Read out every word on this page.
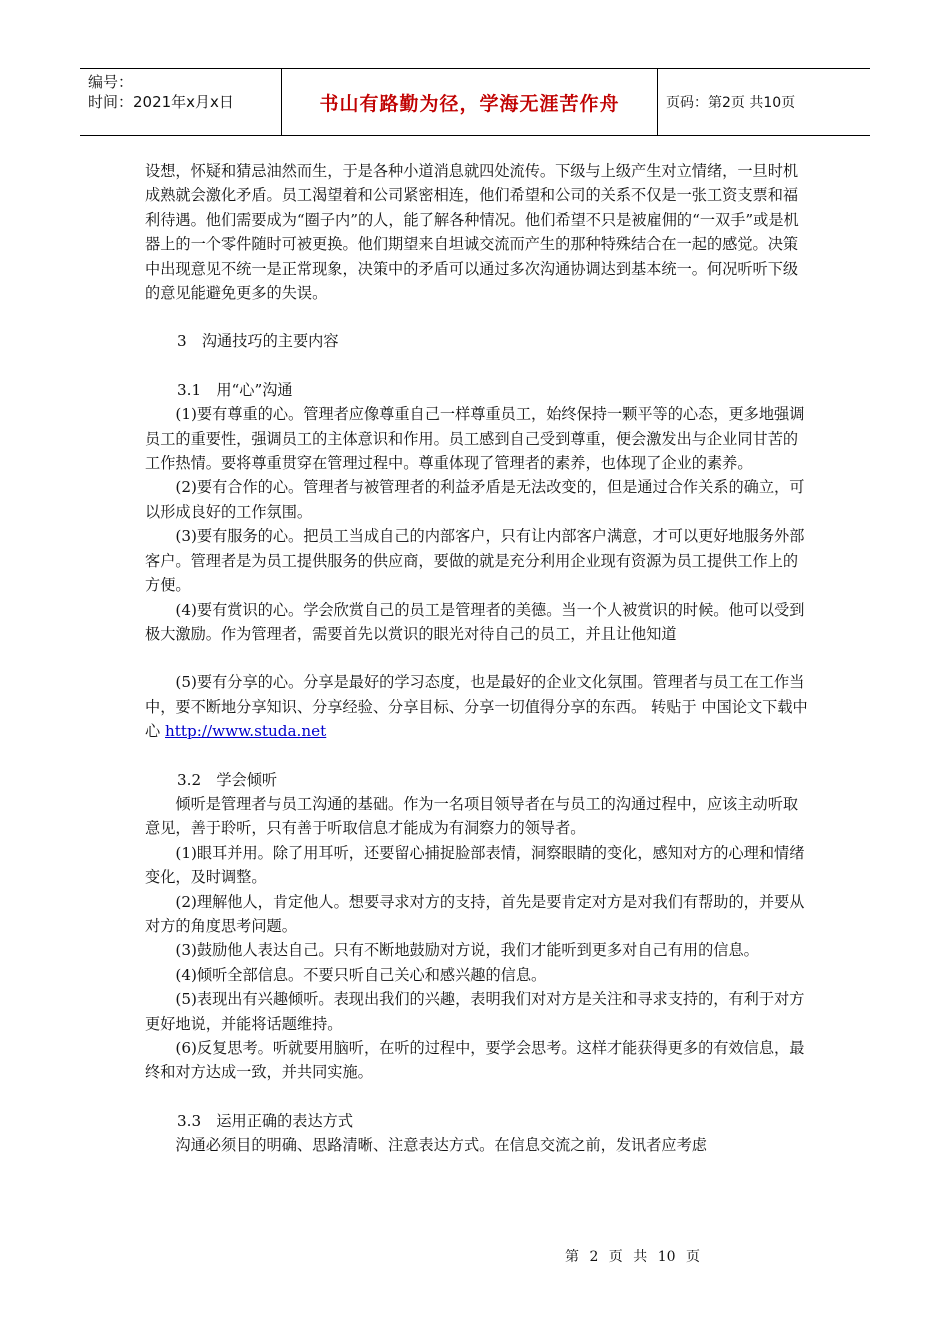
编号：
时间：2021年x月x日	书山有路勤为径，学海无涯苦作舟	页码：第2页 共10页

设想，怀疑和猜忌油然而生，于是各种小道消息就四处流传。下级与上级产生对立情绪，一旦时机成熟就会激化矛盾。员工渴望着和公司紧密相连，他们希望和公司的关系不仅是一张工资支票和福利待遇。他们需要成为“圈子内”的人，能了解各种情况。他们希望不只是被雇佣的“一双手”或是机器上的一个零件随时可被更换。他们期望来自坦诚交流而产生的那种特殊结合在一起的感觉。决策中出现意见不统一是正常现象，决策中的矛盾可以通过多次沟通协调达到基本统一。何况听听下级的意见能避免更多的失误。

3　沟通技巧的主要内容

3.1　用“心”沟通

(1)要有尊重的心。管理者应像尊重自己一样尊重员工，始终保持一颗平等的心态，更多地强调员工的重要性，强调员工的主体意识和作用。员工感到自己受到尊重，便会激发出与企业同甘苦的工作热情。要将尊重贯穿在管理过程中。尊重体现了管理者的素养，也体现了企业的素养。

(2)要有合作的心。管理者与被管理者的利益矛盾是无法改变的，但是通过合作关系的确立，可以形成良好的工作氛围。

(3)要有服务的心。把员工当成自己的内部客户，只有让内部客户满意，才可以更好地服务外部客户。管理者是为员工提供服务的供应商，要做的就是充分利用企业现有资源为员工提供工作上的方便。

(4)要有赏识的心。学会欣赏自己的员工是管理者的美德。当一个人被赏识的时候。他可以受到极大激励。作为管理者，需要首先以赏识的眼光对待自己的员工，并且让他知道

(5)要有分享的心。分享是最好的学习态度，也是最好的企业文化氛围。管理者与员工在工作当中，要不断地分享知识、分享经验、分享目标、分享一切值得分享的东西。 转贴于 中国论文下载中心 http://www.studa.net

3.2　学会倾听

倾听是管理者与员工沟通的基础。作为一名项目领导者在与员工的沟通过程中，应该主动听取意见，善于聆听，只有善于听取信息才能成为有洞察力的领导者。

(1)眼耳并用。除了用耳听，还要留心捕捉脸部表情，洞察眼睛的变化，感知对方的心理和情绪变化，及时调整。

(2)理解他人，肯定他人。想要寻求对方的支持，首先是要肯定对方是对我们有帮助的，并要从对方的角度思考问题。

(3)鼓励他人表达自己。只有不断地鼓励对方说，我们才能听到更多对自己有用的信息。

(4)倾听全部信息。不要只听自己关心和感兴趣的信息。

(5)表现出有兴趣倾听。表现出我们的兴趣，表明我们对对方是关注和寻求支持的，有利于对方更好地说，并能将话题维持。

(6)反复思考。听就要用脑听，在听的过程中，要学会思考。这样才能获得更多的有效信息，最终和对方达成一致，并共同实施。

3.3　运用正确的表达方式

沟通必须目的明确、思路清晰、注意表达方式。在信息交流之前，发讯者应考虑

第 2 页 共 10 页
